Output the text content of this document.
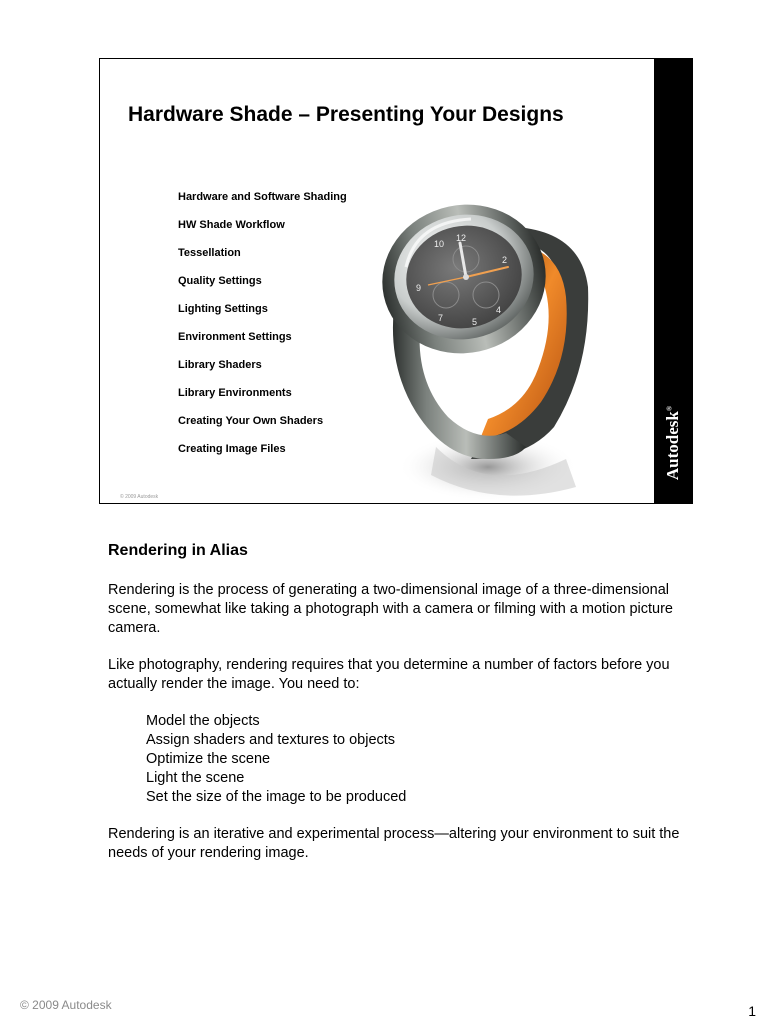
Hardware Shade – Presenting Your Designs
Hardware and Software Shading
HW Shade Workflow
Tessellation
Quality Settings
Lighting Settings
Environment Settings
Library Shaders
Library Environments
Creating Your Own Shaders
Creating Image Files
12
2
4
5
7
9
10
© 2009 Autodesk
Autodesk®
Rendering in Alias

Rendering is the process of generating a two-dimensional image of a three-dimensional scene, somewhat like taking a photograph with a camera or filming with a motion picture camera.

Like photography, rendering requires that you determine a number of factors before you actually render the image. You need to:

Model the objects
Assign shaders and textures to objects
Optimize the scene
Light the scene
Set the size of the image to be produced

Rendering is an iterative and experimental process—altering your environment to suit the needs of your rendering image.

© 2009 Autodesk	1
